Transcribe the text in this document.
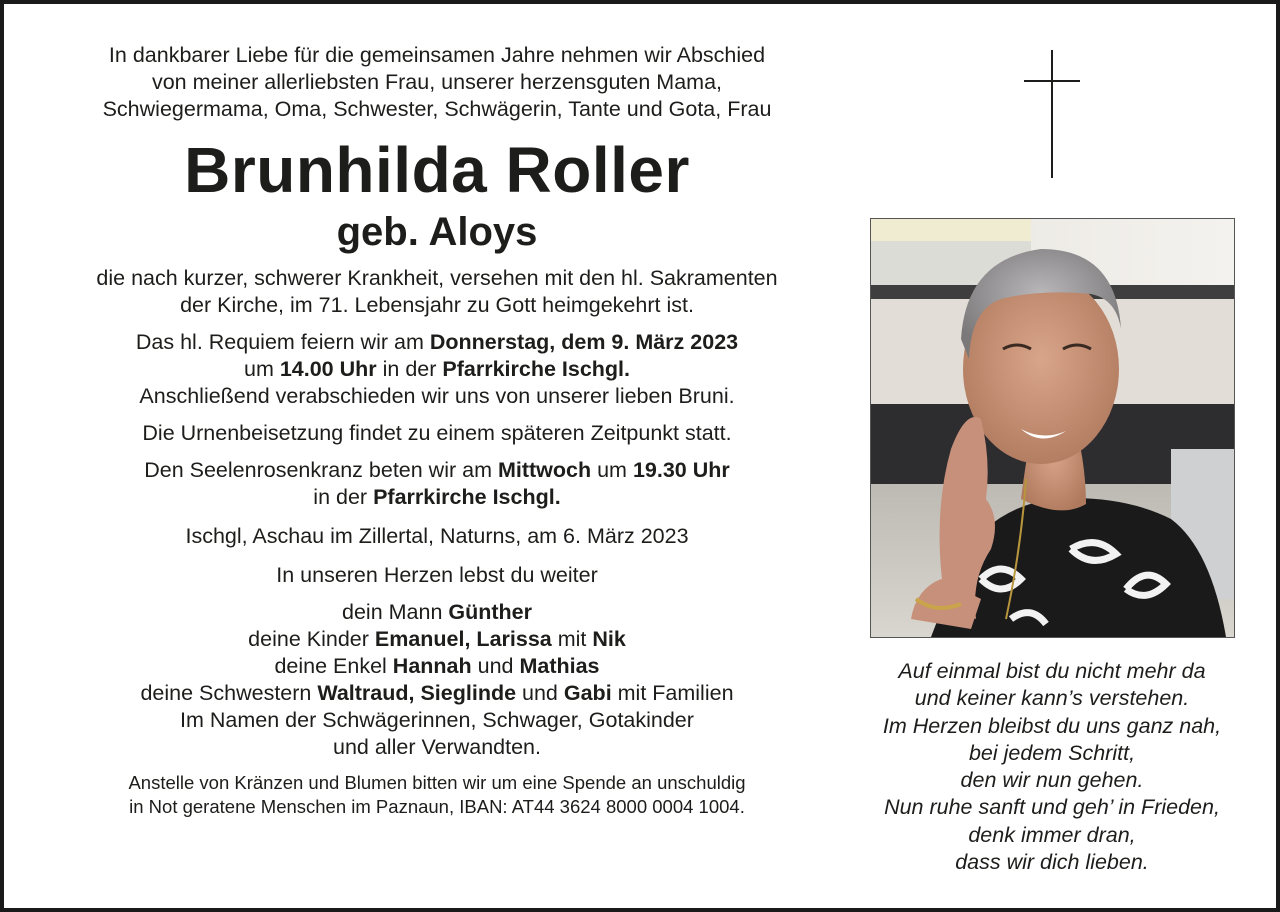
In dankbarer Liebe für die gemeinsamen Jahre nehmen wir Abschied

von meiner allerliebsten Frau, unserer herzensguten Mama,

Schwiegermama, Oma, Schwester, Schwägerin, Tante und Gota, Frau

Brunhilda Roller
geb. Aloys

die nach kurzer, schwerer Krankheit, versehen mit den hl. Sakramenten

der Kirche, im 71. Lebensjahr zu Gott heimgekehrt ist.

Das hl. Requiem feiern wir am Donnerstag, dem 9. März 2023

um 14.00 Uhr in der Pfarrkirche Ischgl.

Anschließend verabschieden wir uns von unserer lieben Bruni.

Die Urnenbeisetzung findet zu einem späteren Zeitpunkt statt.

Den Seelenrosenkranz beten wir am Mittwoch um 19.30 Uhr

in der Pfarrkirche Ischgl.

Ischgl, Aschau im Zillertal, Naturns, am 6. März 2023

In unseren Herzen lebst du weiter

dein Mann Günther

deine Kinder Emanuel, Larissa mit Nik

deine Enkel Hannah und Mathias

deine Schwestern Waltraud, Sieglinde und Gabi mit Familien

Im Namen der Schwägerinnen, Schwager, Gotakinder

und aller Verwandten.

Anstelle von Kränzen und Blumen bitten wir um eine Spende an unschuldig

in Not geratene Menschen im Paznaun, IBAN: AT44 3624 8000 0004 1004.

Auf einmal bist du nicht mehr da
und keiner kann’s verstehen.
Im Herzen bleibst du uns ganz nah,
bei jedem Schritt,
den wir nun gehen.
Nun ruhe sanft und geh’ in Frieden,
denk immer dran,
dass wir dich lieben.
